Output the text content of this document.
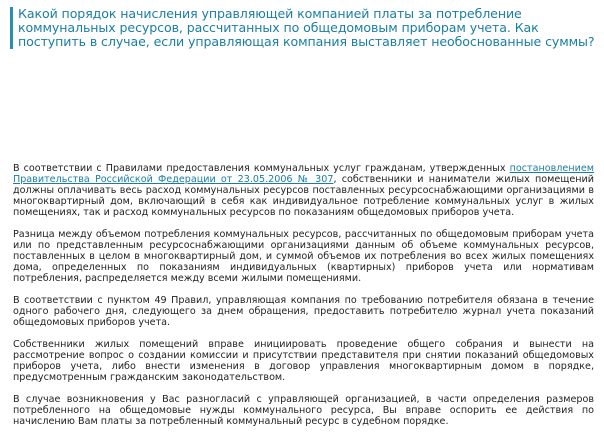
Какой порядок начисления управляющей компанией платы за потребление коммунальных ресурсов, рассчитанных по общедомовым приборам учета. Как поступить в случае, если управляющая компания выставляет необоснованные суммы?

В соответствии с Правилами предоставления коммунальных услуг гражданам, утвержденных постановлением Правительства Российской Федерации от 23.05.2006 № 307, собственники и наниматели жилых помещений должны оплачивать весь расход коммунальных ресурсов поставленных ресурсоснабжающими организациями в многоквартирный дом, включающий в себя как индивидуальное потребление коммунальных услуг в жилых помещениях, так и расход коммунальных ресурсов по показаниям общедомовых приборов учета.

Разница между объемом потребления коммунальных ресурсов, рассчитанных по общедомовым приборам учета или по представленным ресурсоснабжающими организациями данным об объеме коммунальных ресурсов, поставленных в целом в многоквартирный дом, и суммой объемов их потребления во всех жилых помещениях дома, определенных по показаниям индивидуальных (квартирных) приборов учета или нормативам потребления, распределяется между всеми жилыми помещениями.

В соответствии с пунктом 49 Правил, управляющая компания по требованию потребителя обязана в течение одного рабочего дня, следующего за днем обращения, предоставить потребителю журнал учета показаний общедомовых приборов учета.

Собственники жилых помещений вправе инициировать проведение общего собрания и вынести на рассмотрение вопрос о создании комиссии и присутствии представителя при снятии показаний общедомовых приборов учета, либо внести изменения в договор управления многоквартирным домом в порядке, предусмотренным гражданским законодательством.

В случае возникновения у Вас разногласий с управляющей организацией, в части определения размеров потребленного на общедомовые нужды коммунального ресурса, Вы вправе оспорить ее действия по начислению Вам платы за потребленный коммунальный ресурс в судебном порядке.
